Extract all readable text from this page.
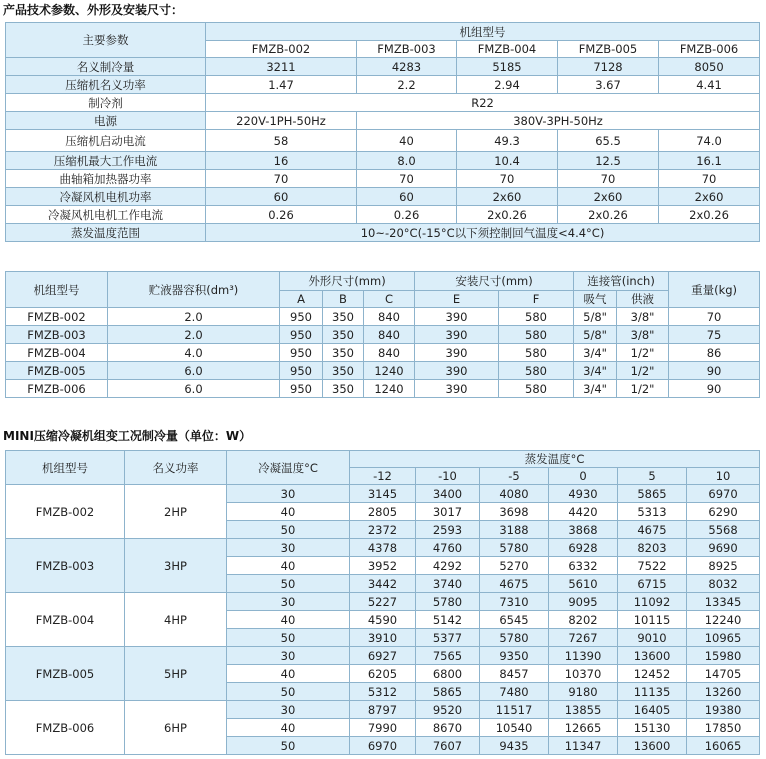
产品技术参数、外形及安装尺寸：
主要参数	机组型号				
	FMZB-002	FMZB-003	FMZB-004	FMZB-005	FMZB-006
名义制冷量	3211	4283	5185	7128	8050
压缩机名义功率	1.47	2.2	2.94	3.67	4.41
制冷剂	R22				
电源	220V-1PH-50Hz	380V-3PH-50Hz			
压缩机启动电流	58	40	49.3	65.5	74.0
压缩机最大工作电流	16	8.0	10.4	12.5	16.1
曲轴箱加热器功率	70	70	70	70	70
冷凝风机电机功率	60	60	2x60	2x60	2x60
冷凝风机电机工作电流	0.26	0.26	2x0.26	2x0.26	2x0.26
蒸发温度范围	10~-20°C(-15°C以下须控制回气温度<4.4°C)				
机组型号	贮液器容积(dm³)	外形尺寸(mm)			安装尺寸(mm)		连接管(inch)		重量(kg)
		A	B	C	E	F	吸气	供液	
FMZB-002	2.0	950	350	840	390	580	5/8"	3/8"	70
FMZB-003	2.0	950	350	840	390	580	5/8"	3/8"	75
FMZB-004	4.0	950	350	840	390	580	3/4"	1/2"	86
FMZB-005	6.0	950	350	1240	390	580	3/4"	1/2"	90
FMZB-006	6.0	950	350	1240	390	580	3/4"	1/2"	90
MINI压缩冷凝机组变工况制冷量（单位：W）
机组型号	名义功率	冷凝温度°C	蒸发温度°C					
			-12	-10	-5	0	5	10
FMZB-002	2HP	30	3145	3400	4080	4930	5865	6970
		40	2805	3017	3698	4420	5313	6290
		50	2372	2593	3188	3868	4675	5568
FMZB-003	3HP	30	4378	4760	5780	6928	8203	9690
		40	3952	4292	5270	6332	7522	8925
		50	3442	3740	4675	5610	6715	8032
FMZB-004	4HP	30	5227	5780	7310	9095	11092	13345
		40	4590	5142	6545	8202	10115	12240
		50	3910	5377	5780	7267	9010	10965
FMZB-005	5HP	30	6927	7565	9350	11390	13600	15980
		40	6205	6800	8457	10370	12452	14705
		50	5312	5865	7480	9180	11135	13260
FMZB-006	6HP	30	8797	9520	11517	13855	16405	19380
		40	7990	8670	10540	12665	15130	17850
		50	6970	7607	9435	11347	13600	16065
